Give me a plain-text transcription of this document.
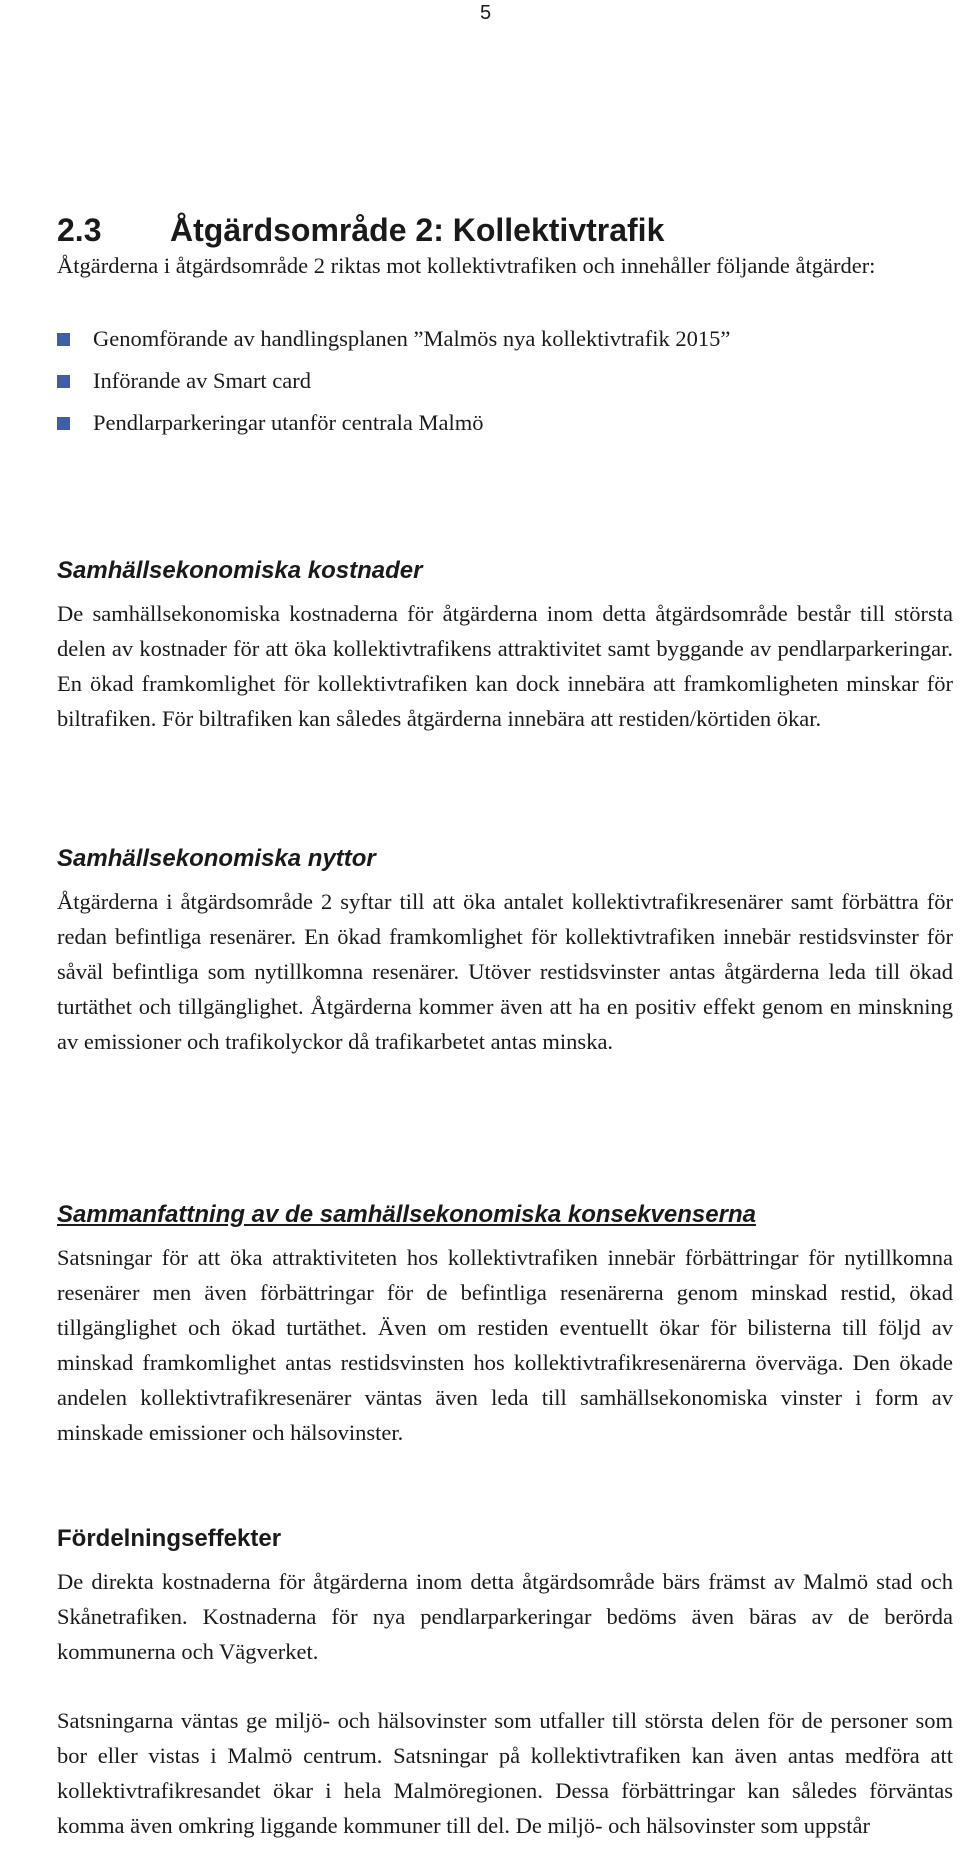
5
2.3 Åtgärdsområde 2: Kollektivtrafik

Åtgärderna i åtgärdsområde 2 riktas mot kollektivtrafiken och innehåller följande åtgärder:

Genomförande av handlingsplanen ”Malmös nya kollektivtrafik 2015”
Införande av Smart card
Pendlarparkeringar utanför centrala Malmö
Samhällsekonomiska kostnader

De samhällsekonomiska kostnaderna för åtgärderna inom detta åtgärdsområde består till största delen av kostnader för att öka kollektivtrafikens attraktivitet samt byggande av pendlarparkeringar. En ökad framkomlighet för kollektivtrafiken kan dock innebära att framkomligheten minskar för biltrafiken. För biltrafiken kan således åtgärderna innebära att restiden/körtiden ökar.

Samhällsekonomiska nyttor

Åtgärderna i åtgärdsområde 2 syftar till att öka antalet kollektivtrafikresenärer samt förbättra för redan befintliga resenärer. En ökad framkomlighet för kollektivtrafiken innebär restidsvinster för såväl befintliga som nytillkomna resenärer. Utöver restidsvinster antas åtgärderna leda till ökad turtäthet och tillgänglighet. Åtgärderna kommer även att ha en positiv effekt genom en minskning av emissioner och trafikolyckor då trafikarbetet antas minska.

Sammanfattning av de samhällsekonomiska konsekvenserna

Satsningar för att öka attraktiviteten hos kollektivtrafiken innebär förbättringar för nytillkomna resenärer men även förbättringar för de befintliga resenärerna genom minskad restid, ökad tillgänglighet och ökad turtäthet. Även om restiden eventuellt ökar för bilisterna till följd av minskad framkomlighet antas restidsvinsten hos kollektivtrafikresenärerna överväga. Den ökade andelen kollektivtrafikresenärer väntas även leda till samhällsekonomiska vinster i form av minskade emissioner och hälsovinster.

Fördelningseffekter

De direkta kostnaderna för åtgärderna inom detta åtgärdsområde bärs främst av Malmö stad och Skånetrafiken. Kostnaderna för nya pendlarparkeringar bedöms även bäras av de berörda kommunerna och Vägverket.

Satsningarna väntas ge miljö- och hälsovinster som utfaller till största delen för de personer som bor eller vistas i Malmö centrum. Satsningar på kollektivtrafiken kan även antas medföra att kollektivtrafikresandet ökar i hela Malmöregionen. Dessa förbättringar kan således förväntas komma även omkring liggande kommuner till del. De miljö- och hälsovinster som uppstår
